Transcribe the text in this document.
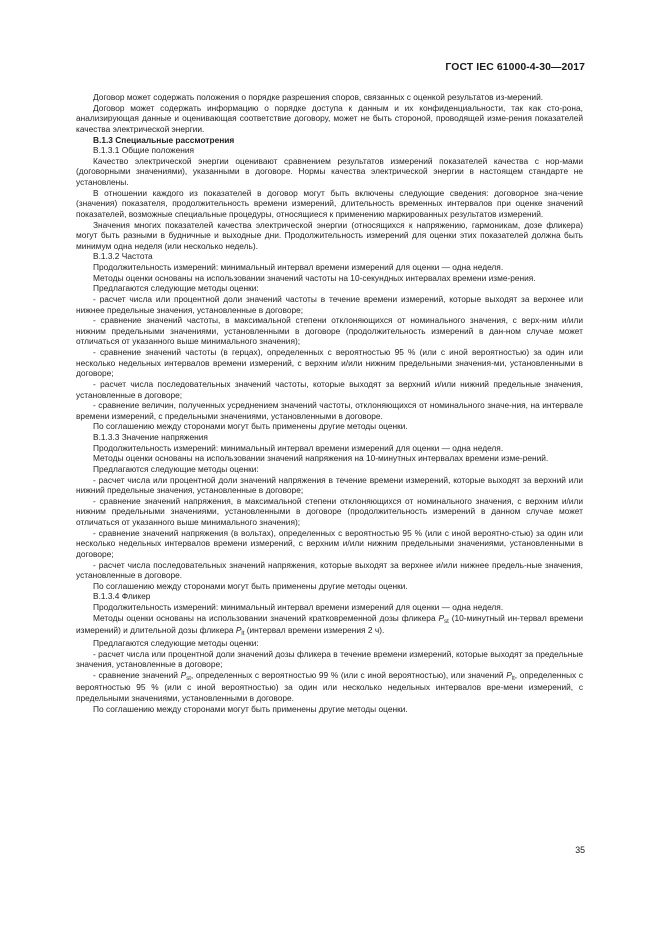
ГОСТ IEC 61000-4-30—2017

Договор может содержать положения о порядке разрешения споров, связанных с оценкой результатов из-мерений.

Договор может содержать информацию о порядке доступа к данным и их конфиденциальности, так как сто-рона, анализирующая данные и оценивающая соответствие договору, может не быть стороной, проводящей изме-рения показателей качества электрической энергии.

В.1.3 Специальные рассмотрения

В.1.3.1 Общие положения

Качество электрической энергии оценивают сравнением результатов измерений показателей качества с нор-мами (договорными значениями), указанными в договоре. Нормы качества электрической энергии в настоящем стандарте не установлены.

В отношении каждого из показателей в договор могут быть включены следующие сведения: договорное зна-чение (значения) показателя, продолжительность времени измерений, длительность временных интервалов при оценке значений показателей, возможные специальные процедуры, относящиеся к применению маркированных результатов измерений.

Значения многих показателей качества электрической энергии (относящихся к напряжению, гармоникам, дозе фликера) могут быть разными в будничные и выходные дни. Продолжительность измерений для оценки этих показателей должна быть минимум одна неделя (или несколько недель).

В.1.3.2 Частота

Продолжительность измерений: минимальный интервал времени измерений для оценки — одна неделя.

Методы оценки основаны на использовании значений частоты на 10-секундных интервалах времени изме-рения.

Предлагаются следующие методы оценки:

- расчет числа или процентной доли значений частоты в течение времени измерений, которые выходят за верхнее или нижнее предельные значения, установленные в договоре;

- сравнение значений частоты, в максимальной степени отклоняющихся от номинального значения, с верх-ним и/или нижним предельными значениями, установленными в договоре (продолжительность измерений в дан-ном случае может отличаться от указанного выше минимального значения);

- сравнение значений частоты (в герцах), определенных с вероятностью 95 % (или с иной вероятностью) за один или несколько недельных интервалов времени измерений, с верхним и/или нижним предельными значения-ми, установленными в договоре;

- расчет числа последовательных значений частоты, которые выходят за верхний и/или нижний предельные значения, установленные в договоре;

- сравнение величин, полученных усреднением значений частоты, отклоняющихся от номинального значе-ния, на интервале времени измерений, с предельными значениями, установленными в договоре.

По соглашению между сторонами могут быть применены другие методы оценки.

В.1.3.3 Значение напряжения

Продолжительность измерений: минимальный интервал времени измерений для оценки — одна неделя.

Методы оценки основаны на использовании значений напряжения на 10-минутных интервалах времени изме-рений.

Предлагаются следующие методы оценки:

- расчет числа или процентной доли значений напряжения в течение времени измерений, которые выходят за верхний или нижний предельные значения, установленные в договоре;

- сравнение значений напряжения, в максимальной степени отклоняющихся от номинального значения, с верхним и/или нижним предельными значениями, установленными в договоре (продолжительность измерений в данном случае может отличаться от указанного выше минимального значения);

- сравнение значений напряжения (в вольтах), определенных с вероятностью 95 % (или с иной вероятно-стью) за один или несколько недельных интервалов времени измерений, с верхним и/или нижним предельными значениями, установленными в договоре;

- расчет числа последовательных значений напряжения, которые выходят за верхнее и/или нижнее предель-ные значения, установленные в договоре.

По соглашению между сторонами могут быть применены другие методы оценки.

В.1.3.4 Фликер

Продолжительность измерений: минимальный интервал времени измерений для оценки — одна неделя.

Методы оценки основаны на использовании значений кратковременной дозы фликера $P_{st}$ (10-минутный ин-тервал времени измерений) и длительной дозы фликера $P_{lt}$ (интервал времени измерения 2 ч).

Предлагаются следующие методы оценки:

- расчет числа или процентной доли значений дозы фликера в течение времени измерений, которые выходят за предельные значения, установленные в договоре;

- сравнение значений $P_{st}$, определенных с вероятностью 99 % (или с иной вероятностью), или значений $P_{lt}$, определенных с вероятностью 95 % (или с иной вероятностью) за один или несколько недельных интервалов вре-мени измерений, с предельными значениями, установленными в договоре.

По соглашению между сторонами могут быть применены другие методы оценки.

35
